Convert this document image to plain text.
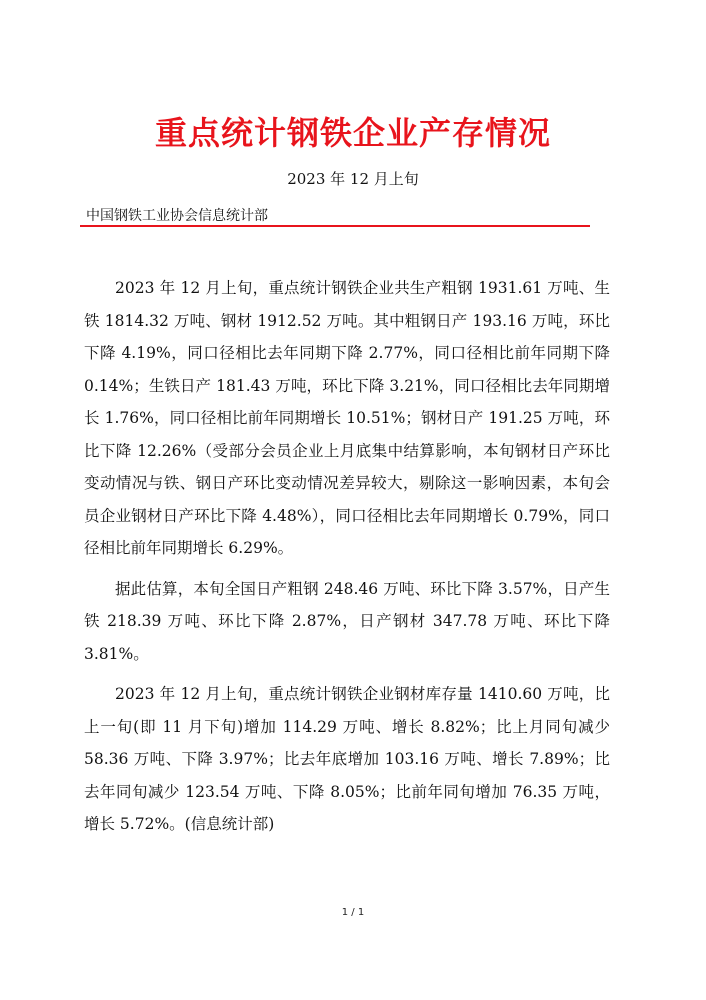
重点统计钢铁企业产存情况
2023 年 12 月上旬
中国钢铁工业协会信息统计部

2023 年 12 月上旬，重点统计钢铁企业共生产粗钢 1931.61 万吨、生铁 1814.32 万吨、钢材 1912.52 万吨。其中粗钢日产 193.16 万吨，环比下降 4.19%，同口径相比去年同期下降 2.77%，同口径相比前年同期下降 0.14%；生铁日产 181.43 万吨，环比下降 3.21%，同口径相比去年同期增长 1.76%，同口径相比前年同期增长 10.51%；钢材日产 191.25 万吨，环比下降 12.26%（受部分会员企业上月底集中结算影响，本旬钢材日产环比变动情况与铁、钢日产环比变动情况差异较大，剔除这一影响因素，本旬会员企业钢材日产环比下降 4.48%），同口径相比去年同期增长 0.79%，同口径相比前年同期增长 6.29%。

据此估算，本旬全国日产粗钢 248.46 万吨、环比下降 3.57%，日产生铁 218.39 万吨、环比下降 2.87%，日产钢材 347.78 万吨、环比下降 3.81%。

2023 年 12 月上旬，重点统计钢铁企业钢材库存量 1410.60 万吨，比上一旬(即 11 月下旬)增加 114.29 万吨、增长 8.82%；比上月同旬减少 58.36 万吨、下降 3.97%；比去年底增加 103.16 万吨、增长 7.89%；比去年同旬减少 123.54 万吨、下降 8.05%；比前年同旬增加 76.35 万吨，增长 5.72%。(信息统计部)

1 / 1
